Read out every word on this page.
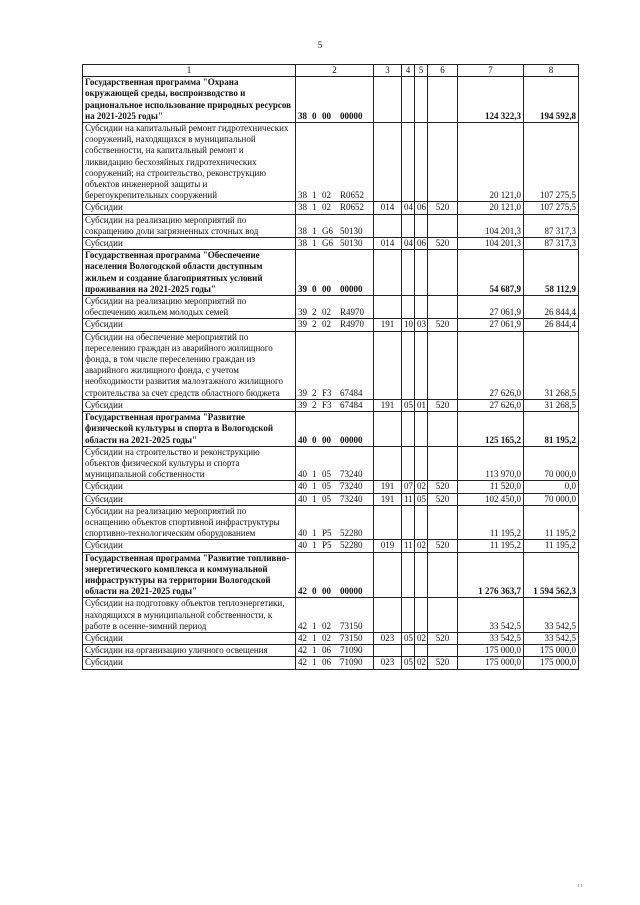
5
1	2	3	4	5	6	7	8
Государственная программа "Охрана окружающей среды, воспроизводство и рациональное использование природных ресурсов на 2021-2025 годы"	38 0 00 00000					124 322,3	194 592,8
Субсидии на капитальный ремонт гидротехнических сооружений, находящихся в муниципальной собственности, на капитальный ремонт и ликвидацию бесхозяйных гидротехнических сооружений; на строительство, реконструкцию объектов инженерной защиты и берегоукрепительных сооружений	38 1 02 R0652					20 121,0	107 275,5
Субсидии	38 1 02 R0652	014	04	06	520	20 121,0	107 275,5
Субсидии на реализацию мероприятий по сокращению доли загрязненных сточных вод	38 1 G6 50130					104 201,3	87 317,3
Субсидии	38 1 G6 50130	014	04	06	520	104 201,3	87 317,3
Государственная программа "Обеспечение населения Вологодской области доступным жильем и создание благоприятных условий проживания на 2021-2025 годы"	39 0 00 00000					54 687,9	58 112,9
Субсидии на реализацию мероприятий по обеспечению жильем молодых семей	39 2 02 R4970					27 061,9	26 844,4
Субсидии	39 2 02 R4970	191	10	03	520	27 061,9	26 844,4
Субсидии на обеспечение мероприятий по переселению граждан из аварийного жилищного фонда, в том числе переселению граждан из аварийного жилищного фонда, с учетом необходимости развития малоэтажного жилищного строительства за счет средств областного бюджета	39 2 F3 67484					27 626,0	31 268,5
Субсидии	39 2 F3 67484	191	05	01	520	27 626,0	31 268,5
Государственная программа "Развитие физической культуры и спорта в Вологодской области на 2021-2025 годы"	40 0 00 00000					125 165,2	81 195,2
Субсидии на строительство и реконструкцию объектов физической культуры и спорта муниципальной собственности	40 1 05 73240					113 970,0	70 000,0
Субсидии	40 1 05 73240	191	07	02	520	11 520,0	0,0
Субсидии	40 1 05 73240	191	11	05	520	102 450,0	70 000,0
Субсидии на реализацию мероприятий по оснащению объектов спортивной инфраструктуры спортивно-технологическим оборудованием	40 1 P5 52280					11 195,2	11 195,2
Субсидии	40 1 P5 52280	019	11	02	520	11 195,2	11 195,2
Государственная программа "Развитие топливно-энергетического комплекса и коммунальной инфраструктуры на территории Вологодской области на 2021-2025 годы"	42 0 00 00000					1 276 363,7	1 594 562,3
Субсидии на подготовку объектов теплоэнергетики, находящихся в муниципальной собственности, к работе в осенне-зимний период	42 1 02 73150					33 542,5	33 542,5
Субсидии	42 1 02 73150	023	05	02	520	33 542,5	33 542,5
Субсидии на организацию уличного освещения	42 1 06 71090					175 000,0	175 000,0
Субсидии	42 1 06 71090	023	05	02	520	175 000,0	175 000,0
ᴵ ᴵ
